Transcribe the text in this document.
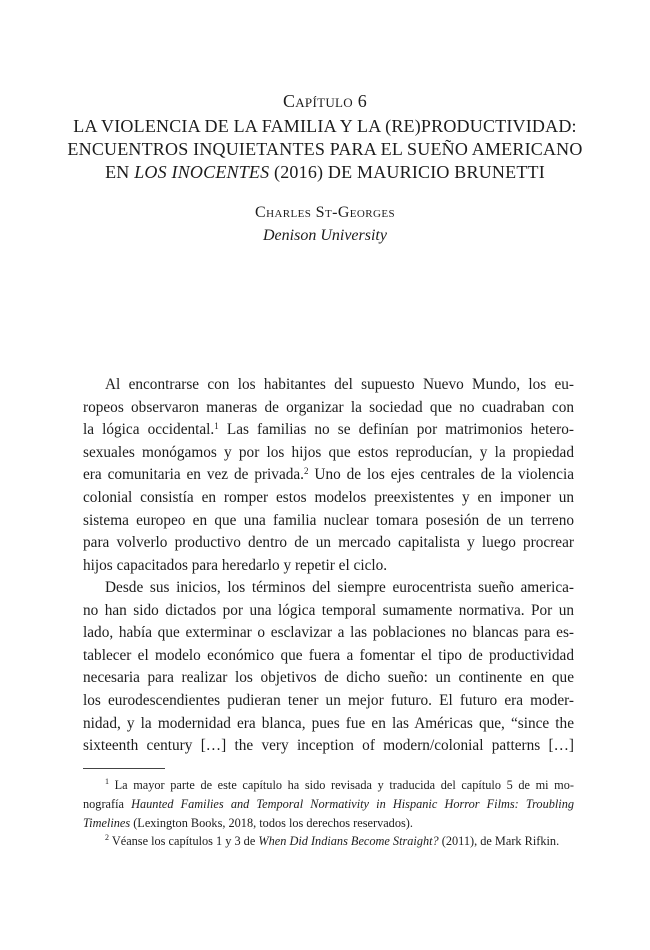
Capítulo 6
LA VIOLENCIA DE LA FAMILIA Y LA (RE)PRODUCTIVIDAD:
ENCUENTROS INQUIETANTES PARA EL SUEÑO AMERICANO
EN LOS INOCENTES (2016) DE MAURICIO BRUNETTI
Charles St-Georges
Denison University
Al encontrarse con los habitantes del supuesto Nuevo Mundo, los eu-
ropeos observaron maneras de organizar la sociedad que no cuadraban con
la lógica occidental.$^1$ Las familias no se definían por matrimonios hetero-
sexuales monógamos y por los hijos que estos reproducían, y la propiedad
era comunitaria en vez de privada.$^2$ Uno de los ejes centrales de la violencia
colonial consistía en romper estos modelos preexistentes y en imponer un
sistema europeo en que una familia nuclear tomara posesión de un terreno
para volverlo productivo dentro de un mercado capitalista y luego procrear
hijos capacitados para heredarlo y repetir el ciclo.
Desde sus inicios, los términos del siempre eurocentrista sueño america-
no han sido dictados por una lógica temporal sumamente normativa. Por un
lado, había que exterminar o esclavizar a las poblaciones no blancas para es-
tablecer el modelo económico que fuera a fomentar el tipo de productividad
necesaria para realizar los objetivos de dicho sueño: un continente en que
los eurodescendientes pudieran tener un mejor futuro. El futuro era moder-
nidad, y la modernidad era blanca, pues fue en las Américas que, “since the
sixteenth century […] the very inception of modern/colonial patterns […]
$^1$ La mayor parte de este capítulo ha sido revisada y traducida del capítulo 5 de mi mo-
nografía Haunted Families and Temporal Normativity in Hispanic Horror Films: Troubling
Timelines (Lexington Books, 2018, todos los derechos reservados).
$^2$ Véanse los capítulos 1 y 3 de When Did Indians Become Straight? (2011), de Mark Rifkin.
